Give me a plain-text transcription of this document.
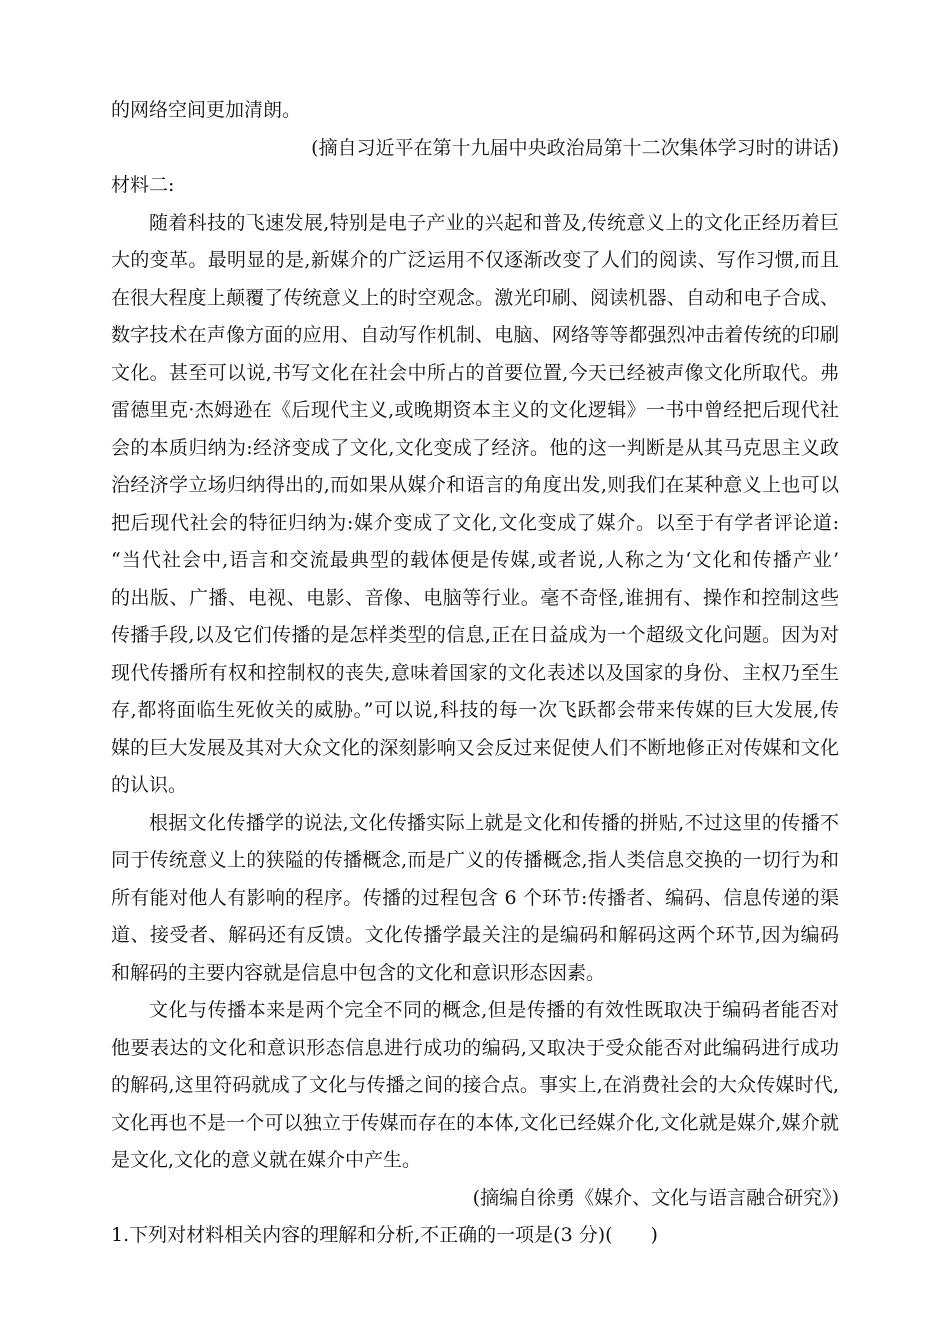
的网络空间更加清朗。
(摘自习近平在第十九届中央政治局第十二次集体学习时的讲话)
材料二:
随着科技的飞速发展,特别是电子产业的兴起和普及,传统意义上的文化正经历着巨
大的变革。最明显的是,新媒介的广泛运用不仅逐渐改变了人们的阅读、写作习惯,而且
在很大程度上颠覆了传统意义上的时空观念。激光印刷、阅读机器、自动和电子合成、
数字技术在声像方面的应用、自动写作机制、电脑、网络等等都强烈冲击着传统的印刷
文化。甚至可以说,书写文化在社会中所占的首要位置,今天已经被声像文化所取代。弗
雷德里克·杰姆逊在《后现代主义,或晚期资本主义的文化逻辑》一书中曾经把后现代社
会的本质归纳为:经济变成了文化,文化变成了经济。他的这一判断是从其马克思主义政
治经济学立场归纳得出的,而如果从媒介和语言的角度出发,则我们在某种意义上也可以
把后现代社会的特征归纳为:媒介变成了文化,文化变成了媒介。以至于有学者评论道:
“当代社会中,语言和交流最典型的载体便是传媒,或者说,人称之为‘文化和传播产业’
的出版、广播、电视、电影、音像、电脑等行业。毫不奇怪,谁拥有、操作和控制这些
传播手段,以及它们传播的是怎样类型的信息,正在日益成为一个超级文化问题。因为对
现代传播所有权和控制权的丧失,意味着国家的文化表述以及国家的身份、主权乃至生
存,都将面临生死攸关的威胁。”可以说,科技的每一次飞跃都会带来传媒的巨大发展,传
媒的巨大发展及其对大众文化的深刻影响又会反过来促使人们不断地修正对传媒和文化
的认识。
根据文化传播学的说法,文化传播实际上就是文化和传播的拼贴,不过这里的传播不
同于传统意义上的狭隘的传播概念,而是广义的传播概念,指人类信息交换的一切行为和
所有能对他人有影响的程序。传播的过程包含 6 个环节:传播者、编码、信息传递的渠
道、接受者、解码还有反馈。文化传播学最关注的是编码和解码这两个环节,因为编码
和解码的主要内容就是信息中包含的文化和意识形态因素。
文化与传播本来是两个完全不同的概念,但是传播的有效性既取决于编码者能否对
他要表达的文化和意识形态信息进行成功的编码,又取决于受众能否对此编码进行成功
的解码,这里符码就成了文化与传播之间的接合点。事实上,在消费社会的大众传媒时代,
文化再也不是一个可以独立于传媒而存在的本体,文化已经媒介化,文化就是媒介,媒介就
是文化,文化的意义就在媒介中产生。
(摘编自徐勇《媒介、文化与语言融合研究》)
1.下列对材料相关内容的理解和分析,不正确的一项是(3 分)(　　)
